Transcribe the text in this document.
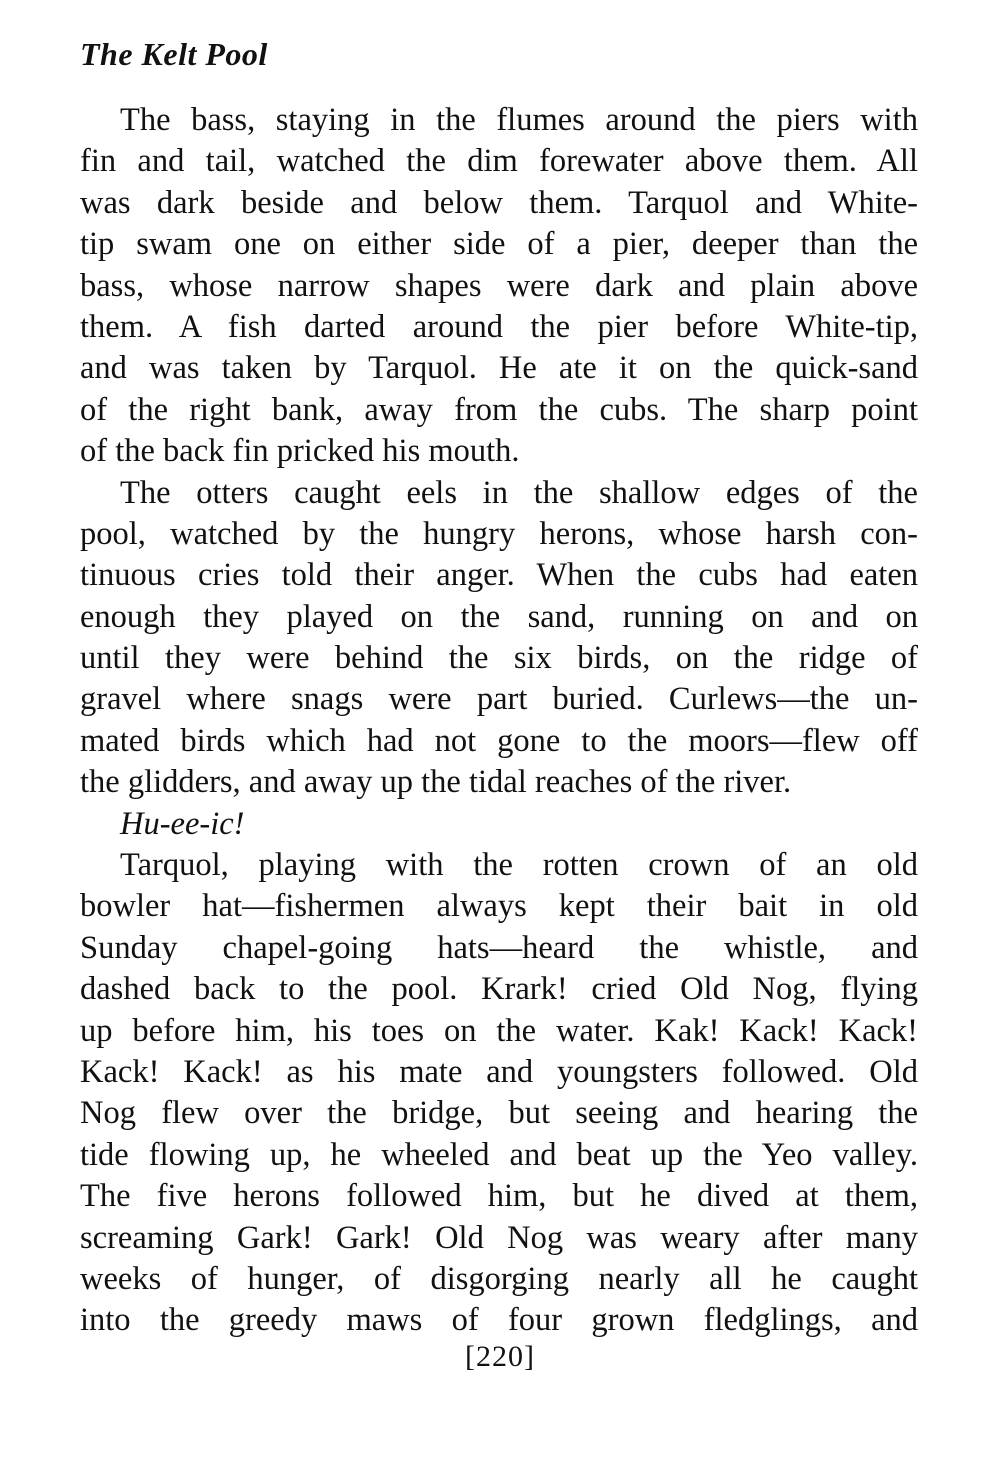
The Kelt Pool
The bass, staying in the flumes around the piers with
fin and tail, watched the dim forewater above them. All
was dark beside and below them. Tarquol and White-
tip swam one on either side of a pier, deeper than the
bass, whose narrow shapes were dark and plain above
them. A fish darted around the pier before White-tip,
and was taken by Tarquol. He ate it on the quick-sand
of the right bank, away from the cubs. The sharp point
of the back fin pricked his mouth.
The otters caught eels in the shallow edges of the
pool, watched by the hungry herons, whose harsh con-
tinuous cries told their anger. When the cubs had eaten
enough they played on the sand, running on and on
until they were behind the six birds, on the ridge of
gravel where snags were part buried. Curlews—the un-
mated birds which had not gone to the moors—flew off
the glidders, and away up the tidal reaches of the river.
Hu-ee-ic!
Tarquol, playing with the rotten crown of an old
bowler hat—fishermen always kept their bait in old
Sunday chapel-going hats—heard the whistle, and
dashed back to the pool. Krark! cried Old Nog, flying
up before him, his toes on the water. Kak! Kack! Kack!
Kack! Kack! as his mate and youngsters followed. Old
Nog flew over the bridge, but seeing and hearing the
tide flowing up, he wheeled and beat up the Yeo valley.
The five herons followed him, but he dived at them,
screaming Gark! Gark! Old Nog was weary after many
weeks of hunger, of disgorging nearly all he caught
into the greedy maws of four grown fledglings, and
[220]
